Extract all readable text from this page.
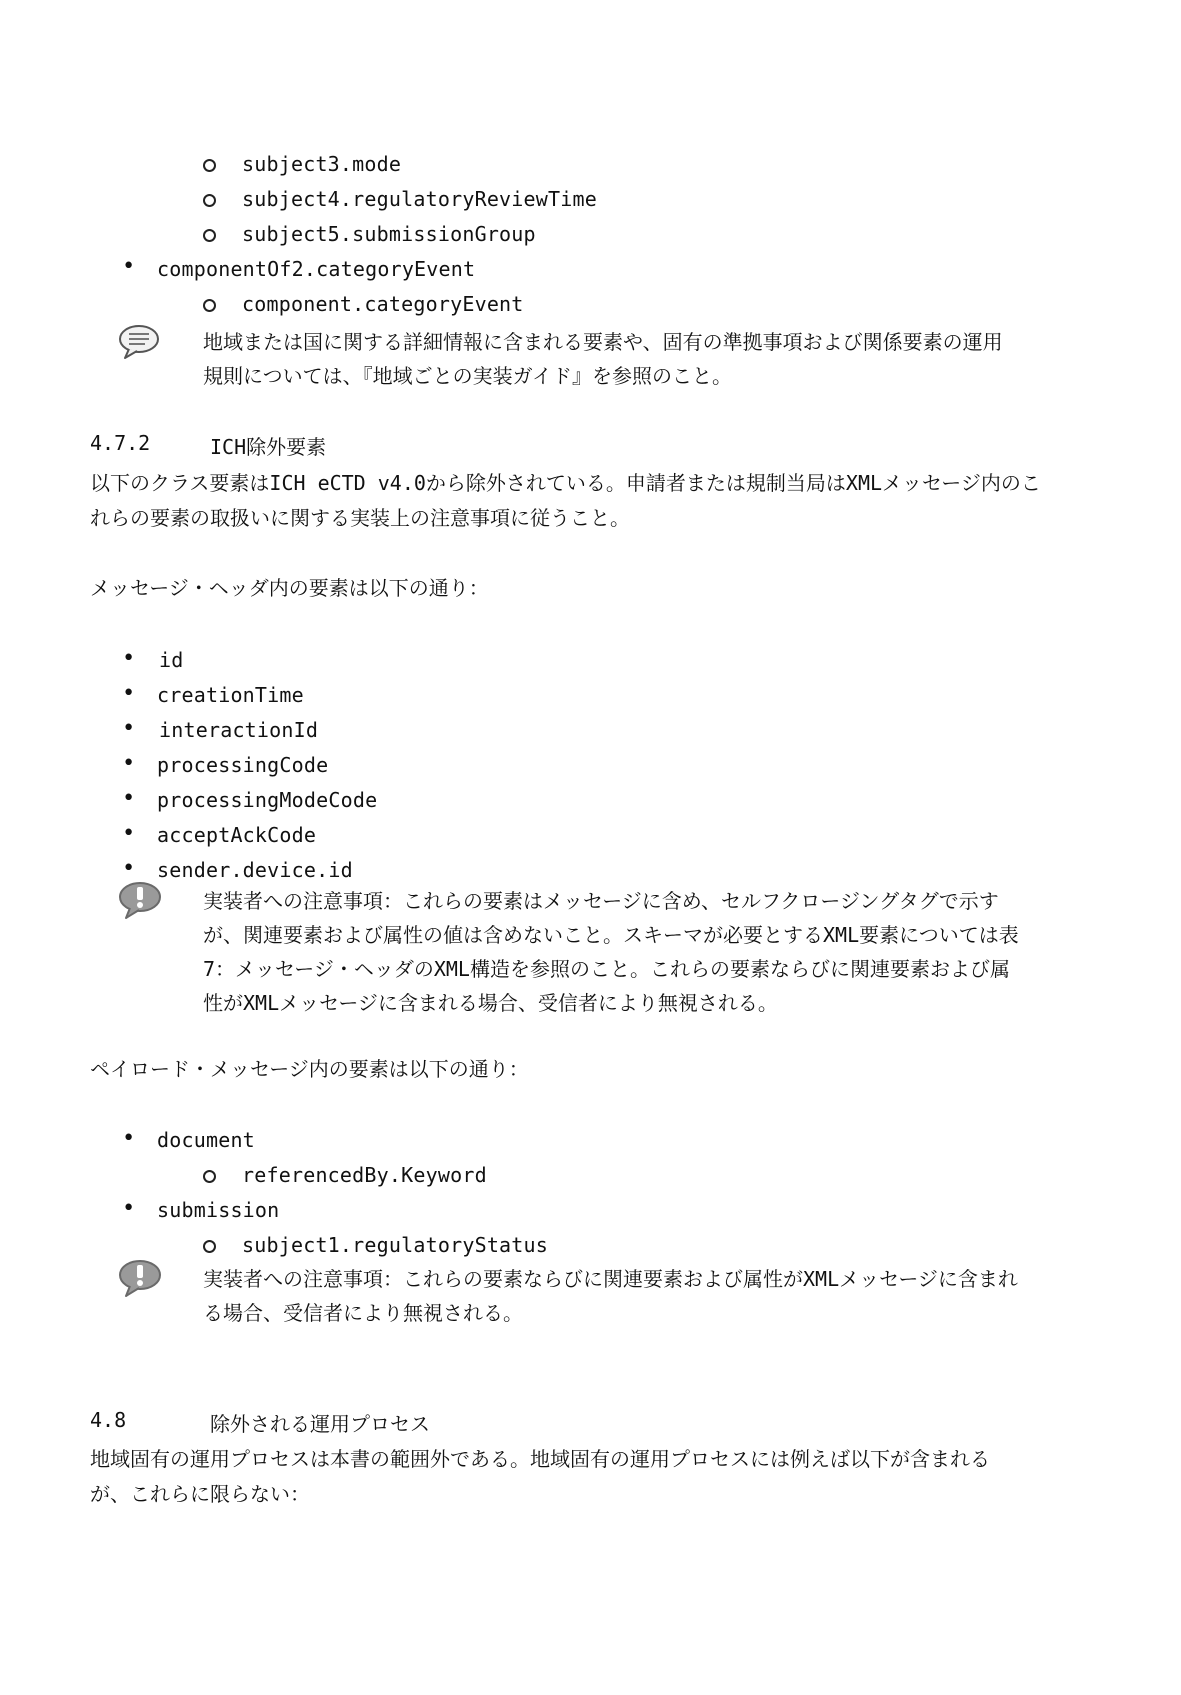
subject3.mode
subject4.regulatoryReviewTime
subject5.submissionGroup
• componentOf2.categoryEvent
component.categoryEvent
地域または国に関する詳細情報に含まれる要素や、固有の準拠事項および関係要素の運用
規則については、『地域ごとの実装ガイド』を参照のこと。
4.7.2	ICH除外要素
以下のクラス要素はICH eCTD v4.0から除外されている。申請者または規制当局はXMLメッセージ内のこ
れらの要素の取扱いに関する実装上の注意事項に従うこと。
メッセージ・ヘッダ内の要素は以下の通り：
• id
• creationTime
• interactionId
• processingCode
• processingModeCode
• acceptAckCode
• sender.device.id
実装者への注意事項：これらの要素はメッセージに含め、セルフクロージングタグで示す
が、関連要素および属性の値は含めないこと。スキーマが必要とするXML要素については表
7：メッセージ・ヘッダのXML構造を参照のこと。これらの要素ならびに関連要素および属
性がXMLメッセージに含まれる場合、受信者により無視される。
ペイロード・メッセージ内の要素は以下の通り：
• document
referencedBy.Keyword
• submission
subject1.regulatoryStatus
実装者への注意事項：これらの要素ならびに関連要素および属性がXMLメッセージに含まれ
る場合、受信者により無視される。
4.8	除外される運用プロセス
地域固有の運用プロセスは本書の範囲外である。地域固有の運用プロセスには例えば以下が含まれる
が、これらに限らない：
